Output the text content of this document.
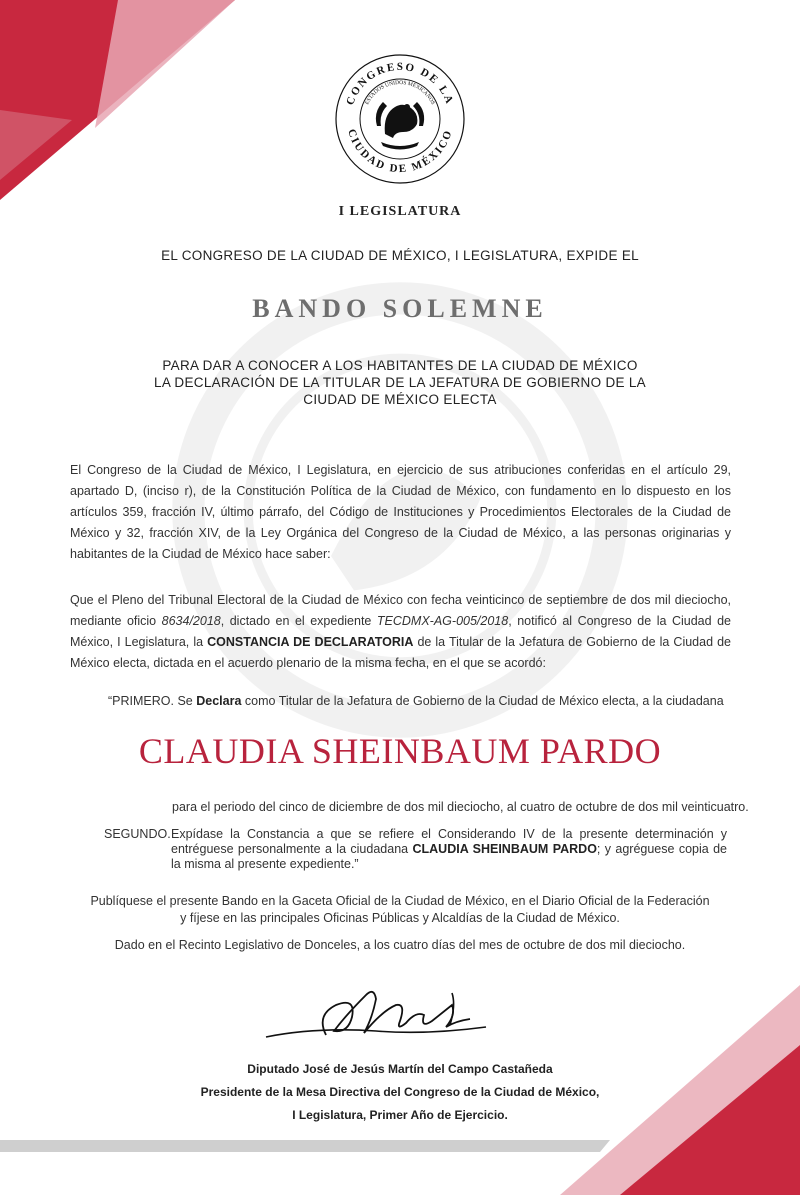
CONGRESO DE LA
CIUDAD DE MÉXICO
ESTADOS UNIDOS MEXICANOS
I LEGISLATURA
EL CONGRESO DE LA CIUDAD DE MÉXICO, I LEGISLATURA, EXPIDE EL
BANDO SOLEMNE
PARA DAR A CONOCER A LOS HABITANTES DE LA CIUDAD DE MÉXICO
LA DECLARACIÓN DE LA TITULAR DE LA JEFATURA DE GOBIERNO DE LA
CIUDAD DE MÉXICO ELECTA
El Congreso de la Ciudad de México, I Legislatura, en ejercicio de sus atribuciones conferidas en el artículo 29, apartado D, (inciso r), de la Constitución Política de la Ciudad de México, con fundamento en lo dispuesto en los artículos 359, fracción IV, último párrafo, del Código de Instituciones y Procedimientos Electorales de la Ciudad de México y 32, fracción XIV, de la Ley Orgánica del Congreso de la Ciudad de México, a las personas originarias y habitantes de la Ciudad de México hace saber:
Que el Pleno del Tribunal Electoral de la Ciudad de México con fecha veinticinco de septiembre de dos mil dieciocho, mediante oficio 8634/2018, dictado en el expediente TECDMX-AG-005/2018, notificó al Congreso de la Ciudad de México, I Legislatura, la CONSTANCIA DE DECLARATORIA de la Titular de la Jefatura de Gobierno de la Ciudad de México electa, dictada en el acuerdo plenario de la misma fecha, en el que se acordó:
“PRIMERO. Se Declara como Titular de la Jefatura de Gobierno de la Ciudad de México electa, a la ciudadana
CLAUDIA SHEINBAUM PARDO
para el periodo del cinco de diciembre de dos mil dieciocho, al cuatro de octubre de dos mil veinticuatro.
SEGUNDO. Expídase la Constancia a que se refiere el Considerando IV de la presente determinación y entréguese personalmente a la ciudadana CLAUDIA SHEINBAUM PARDO; y agréguese copia de la misma al presente expediente.”
Publíquese el presente Bando en la Gaceta Oficial de la Ciudad de México, en el Diario Oficial de la Federación
y fíjese en las principales Oficinas Públicas y Alcaldías de la Ciudad de México.
Dado en el Recinto Legislativo de Donceles, a los cuatro días del mes de octubre de dos mil dieciocho.
Diputado José de Jesús Martín del Campo Castañeda
Presidente de la Mesa Directiva del Congreso de la Ciudad de México,
I Legislatura, Primer Año de Ejercicio.
